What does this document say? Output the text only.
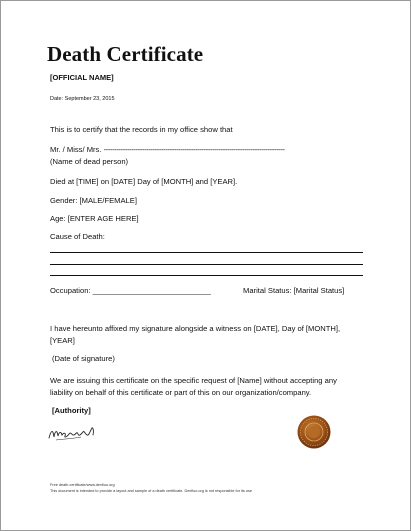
Death Certificate
[OFFICIAL NAME]
Date: September 23, 2015
This is to certify that the records in my office show that
Mr. / Miss/ Mrs. -------------------------------------------------------------------------------------
(Name of dead person)
Died at [TIME] on [DATE] Day of [MONTH] and [YEAR].
Gender: [MALE/FEMALE]
Age: [ENTER AGE HERE]
Cause of Death:
Occupation: ____________________________	Marital Status: [Marital Status]
I have hereunto affixed my signature alongside a witness on [DATE], Day of [MONTH],
[YEAR]
(Date of signature)
We are issuing this certificate on the specific request of [Name] without accepting any
liability on behalf of this certificate or part of this on our organization/company.
[Authority]
Free death certificate/www.dexfiuo.org
This document is intended to provide a layout and sample of a death certificate. Dexfiuo.org is not responsible for its use
